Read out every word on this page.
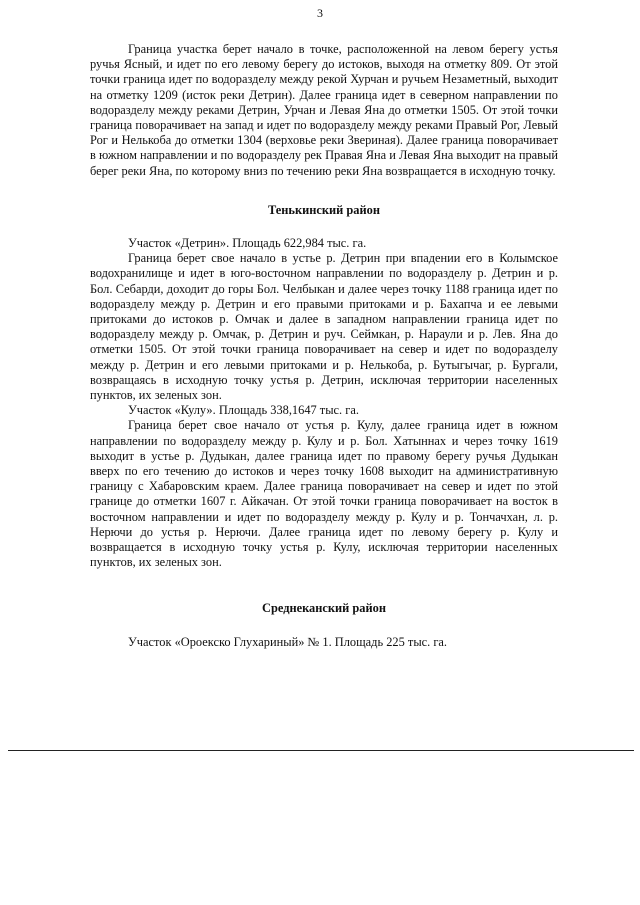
3

Граница участка берет начало в точке, расположенной на левом берегу устья ручья Ясный, и идет по его левому берегу до истоков, выходя на отметку 809. От этой точки граница идет по водоразделу между рекой Хурчан и ручьем Незаметный, выходит на отметку 1209 (исток реки Детрин). Далее граница идет в северном направлении по водоразделу между реками Детрин, Урчан и Левая Яна до отметки 1505. От этой точки граница поворачивает на запад и идет по водоразделу между реками Правый Рог, Левый Рог и Нелькоба до отметки 1304 (верховье реки Звериная). Далее граница поворачивает в южном направлении и по водоразделу рек Правая Яна и Левая Яна выходит на правый берег реки Яна, по которому вниз по течению реки Яна возвращается в исходную точку.

Тенькинский район

Участок «Детрин». Площадь 622,984 тыс. га.

Граница берет свое начало в устье р. Детрин при впадении его в Колымское водохранилище и идет в юго-восточном направлении по водоразделу р. Детрин и р. Бол. Себарди, доходит до горы Бол. Челбыкан и далее через точку 1188 граница идет по водоразделу между р. Детрин и его правыми притоками и р. Бахапча и ее левыми притоками до истоков р. Омчак и далее в западном направлении граница идет по водоразделу между р. Омчак, р. Детрин и руч. Сеймкан, р. Нараули и р. Лев. Яна до отметки 1505. От этой точки граница поворачивает на север и идет по водоразделу между р. Детрин и его левыми притоками и р. Нелькоба, р. Бутыгычаг, р. Бургали, возвращаясь в исходную точку устья р. Детрин, исключая территории населенных пунктов, их зеленых зон.

Участок «Кулу». Площадь 338,1647 тыс. га.

Граница берет свое начало от устья р. Кулу, далее граница идет в южном направлении по водоразделу между р. Кулу и р. Бол. Хатыннах и через точку 1619 выходит в устье р. Дудыкан, далее граница идет по правому берегу ручья Дудыкан вверх по его течению до истоков и через точку 1608 выходит на административную границу с Хабаровским краем. Далее граница поворачивает на север и идет по этой границе до отметки 1607 г. Айкачан. От этой точки граница поворачивает на восток в восточном направлении и идет по водоразделу между р. Кулу и р. Тончачхан, л. р. Нерючи до устья р. Нерючи. Далее граница идет по левому берегу р. Кулу и возвращается в исходную точку устья р. Кулу, исключая территории населенных пунктов, их зеленых зон.

Среднеканский район

Участок «Ороекско Глухариный» № 1. Площадь 225 тыс. га.
